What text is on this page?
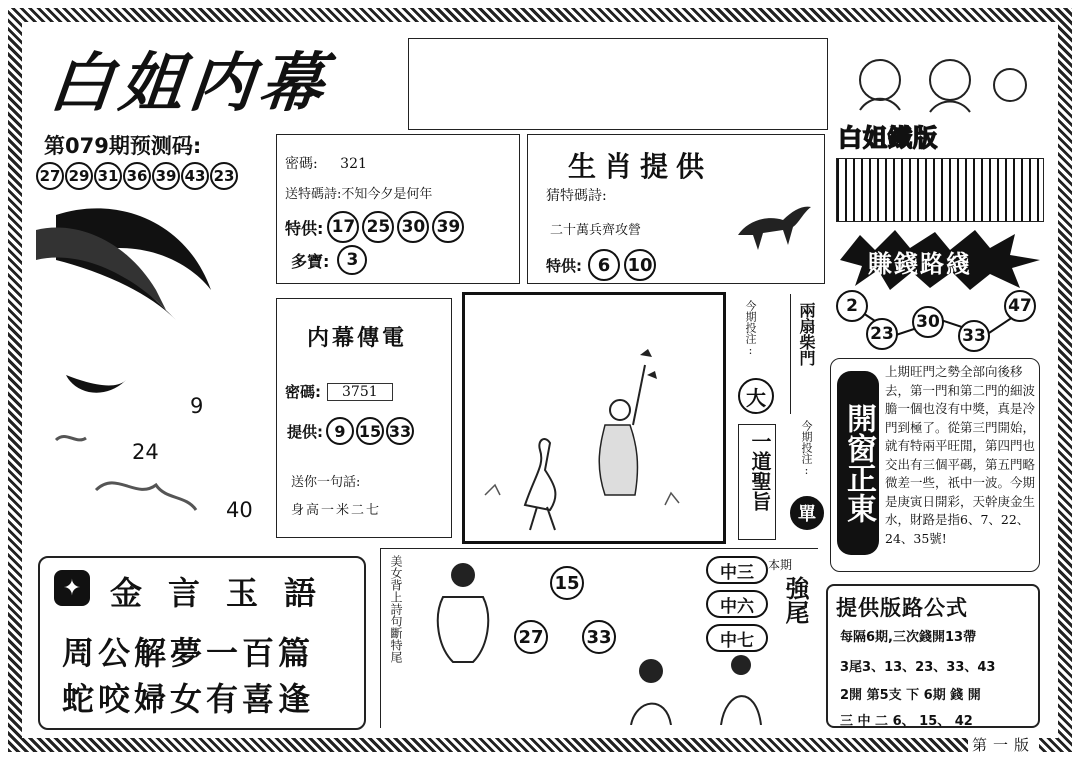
白姐内幕
第079期预测码:
27 29 31 36 39 43 23
9
24
40
密碼: 321
送特碼詩:不知今夕是何年
特供: 17 25 30 39
多寶:	3
生肖提供
猜特碼詩:
二十萬兵齊攻營
特供: 6 10
内幕傳電
密碼:	3751
提供: 9 15 33
送你一句話:
身高一米二七
今期投注:
大
兩扇柴門
一道聖旨	今期投注:
單
白姐鐵版
賺錢路綫
2
23
30
33
47
開窗正東
上期旺門之勢全部向後移去，第一門和第二門的細波膽一個也沒有中獎，真是冷門到極了。從第三門開始，就有特兩平旺閒，第四門也交出有三個平碼，第五門略微差一些，祇中一波。今期是庚寅日開彩，天幹庚金生水，財路是指6、7、22、24、35號!
✦ 金言玉語
周公解夢一百篇
蛇咬婦女有喜逢
美女背上詩句斷特尾	15
27 33
本期
強尾
中三
中六
中七
提供版路公式
每隔6期,三次錢開13帶
3尾3、13、23、33、43
2開 第5支 下 6期 錢 開
三 中 二 6、 15、 42
第一版
